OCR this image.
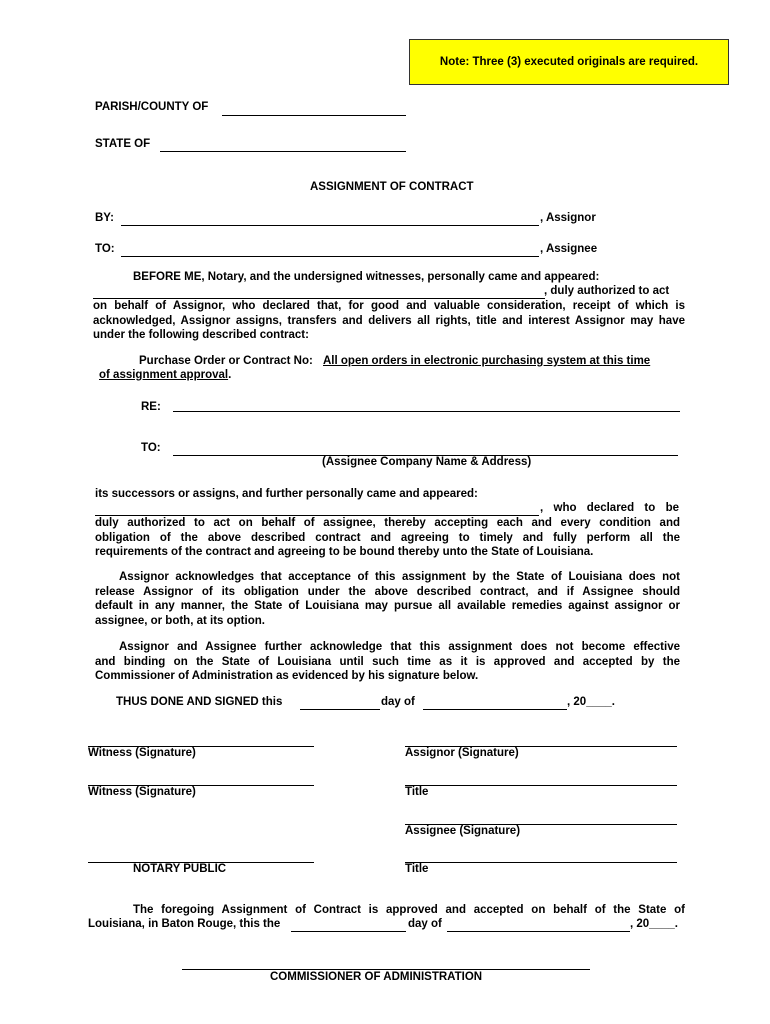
Note: Three (3) executed originals are required.
PARISH/COUNTY OF
STATE OF
ASSIGNMENT OF CONTRACT
BY:	, Assignor
TO:	, Assignee
BEFORE ME, Notary, and the undersigned witnesses, personally came and appeared:
, duly authorized to act
on behalf of Assignor, who declared that, for good and valuable consideration, receipt of which is
acknowledged, Assignor assigns, transfers and delivers all rights, title and interest Assignor may have
under the following described contract:
Purchase Order or Contract No: All open orders in electronic purchasing system at this time
of assignment approval.
RE:
TO:
(Assignee Company Name & Address)
its successors or assigns, and further personally came and appeared:
, who declared to be
duly authorized to act on behalf of assignee, thereby accepting each and every condition and
obligation of the above described contract and agreeing to timely and fully perform all the
requirements of the contract and agreeing to be bound thereby unto the State of Louisiana.
Assignor acknowledges that acceptance of this assignment by the State of Louisiana does not
release Assignor of its obligation under the above described contract, and if Assignee should
default in any manner, the State of Louisiana may pursue all available remedies against assignor or
assignee, or both, at its option.
Assignor and Assignee further acknowledge that this assignment does not become effective
and binding on the State of Louisiana until such time as it is approved and accepted by the
Commissioner of Administration as evidenced by his signature below.
THUS DONE AND SIGNED this	day of	, 20____.
Witness (Signature)	Assignor (Signature)
Witness (Signature)	Title
Assignee (Signature)
NOTARY PUBLIC	Title
The foregoing Assignment of Contract is approved and accepted on behalf of the State of
Louisiana, in Baton Rouge, this the	day of	, 20____.
COMMISSIONER OF ADMINISTRATION
